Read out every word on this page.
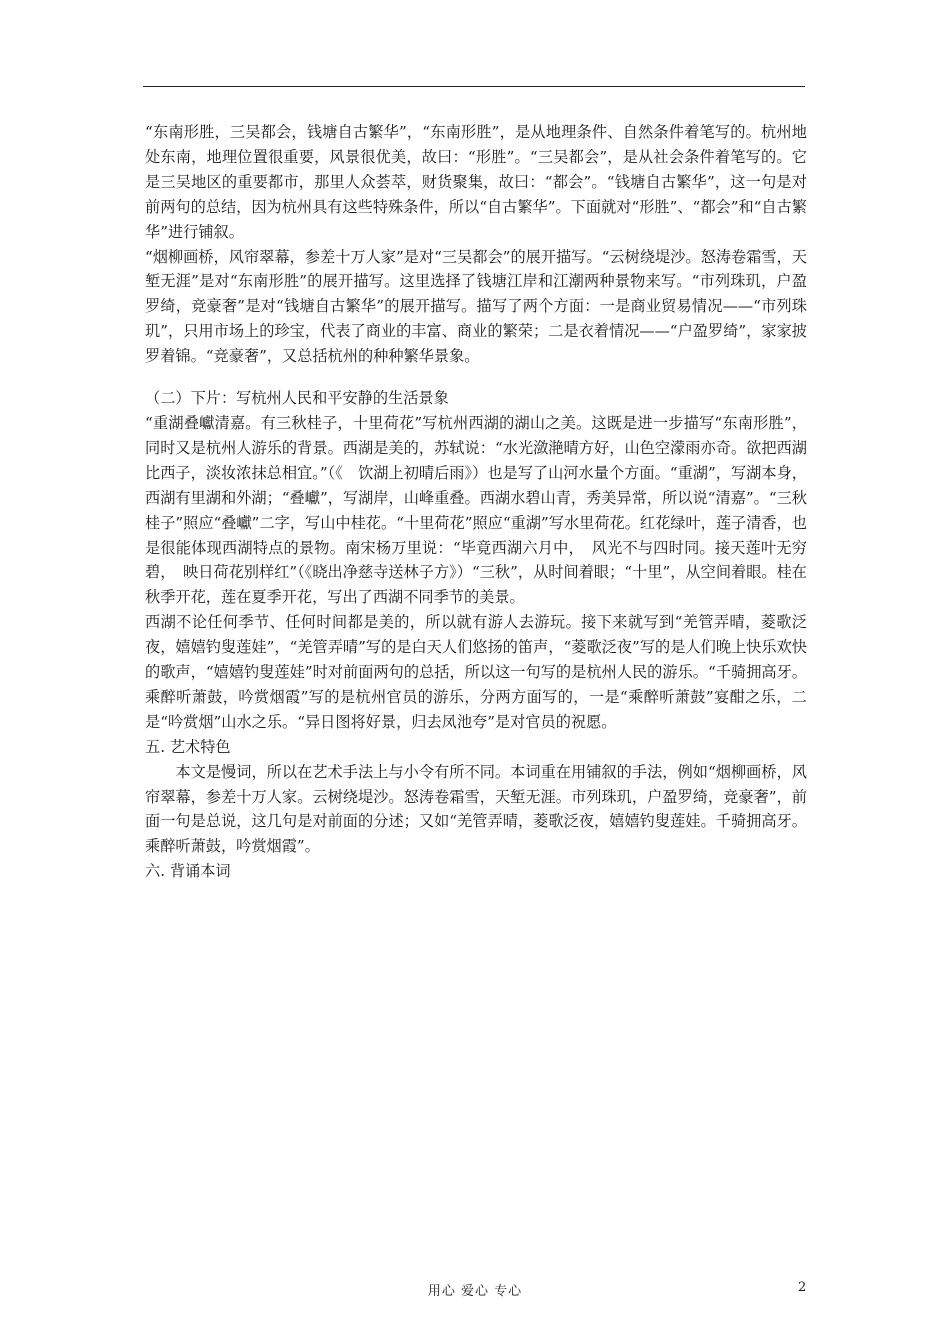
“东南形胜，三吴都会，钱塘自古繁华”，“东南形胜”，是从地理条件、自然条件着笔写的。杭州地处东南，地理位置很重要，风景很优美，故曰：“形胜”。“三吴都会”，是从社会条件着笔写的。它是三吴地区的重要都市，那里人众荟萃，财货聚集，故曰：“都会”。“钱塘自古繁华”，这一句是对前两句的总结，因为杭州具有这些特殊条件，所以“自古繁华”。下面就对“形胜”、“都会”和“自古繁华”进行铺叙。

“烟柳画桥，风帘翠幕，参差十万人家”是对“三吴都会”的展开描写。“云树绕堤沙。怒涛卷霜雪，天堑无涯”是对“东南形胜”的展开描写。这里选择了钱塘江岸和江潮两种景物来写。“市列珠玑，户盈罗绮，竞豪奢”是对“钱塘自古繁华”的展开描写。描写了两个方面：一是商业贸易情况——“市列珠玑”，只用市场上的珍宝，代表了商业的丰富、商业的繁荣；二是衣着情况——“户盈罗绮”，家家披罗着锦。“竞豪奢”，又总括杭州的种种繁华景象。

（二）下片：写杭州人民和平安静的生活景象

“重湖叠巘清嘉。有三秋桂子，十里荷花”写杭州西湖的湖山之美。这既是进一步描写“东南形胜”，同时又是杭州人游乐的背景。西湖是美的，苏轼说：“水光潋滟晴方好，山色空濛雨亦奇。欲把西湖比西子，淡妆浓抹总相宜。”（《　饮湖上初晴后雨》）也是写了山河水量个方面。“重湖”，写湖本身，西湖有里湖和外湖；“叠巘”，写湖岸，山峰重叠。西湖水碧山青，秀美异常，所以说“清嘉”。“三秋桂子”照应“叠巘”二字，写山中桂花。“十里荷花”照应“重湖”写水里荷花。红花绿叶，莲子清香，也是很能体现西湖特点的景物。南宋杨万里说：“毕竟西湖六月中，　风光不与四时同。接天莲叶无穷碧，　映日荷花别样红”（《晓出净慈寺送林子方》）“三秋”，从时间着眼；“十里”，从空间着眼。桂在秋季开花，莲在夏季开花，写出了西湖不同季节的美景。

西湖不论任何季节、任何时间都是美的，所以就有游人去游玩。接下来就写到“羌管弄晴，菱歌泛夜，嬉嬉钓叟莲娃”，“羌管弄晴”写的是白天人们悠扬的笛声，“菱歌泛夜”写的是人们晚上快乐欢快的歌声，“嬉嬉钓叟莲娃”时对前面两句的总括，所以这一句写的是杭州人民的游乐。“千骑拥高牙。乘醉听萧鼓，吟赏烟霞”写的是杭州官员的游乐，分两方面写的，一是“乘醉听萧鼓”宴酣之乐，二是“吟赏烟”山水之乐。“异日图将好景，归去凤池夸”是对官员的祝愿。

五. 艺术特色

本文是慢词，所以在艺术手法上与小令有所不同。本词重在用铺叙的手法，例如“烟柳画桥，风帘翠幕，参差十万人家。云树绕堤沙。怒涛卷霜雪，天堑无涯。市列珠玑，户盈罗绮，竞豪奢”，前面一句是总说，这几句是对前面的分述；又如“羌管弄晴，菱歌泛夜，嬉嬉钓叟莲娃。千骑拥高牙。乘醉听萧鼓，吟赏烟霞”。

六. 背诵本词

用心 爱心 专心	2
